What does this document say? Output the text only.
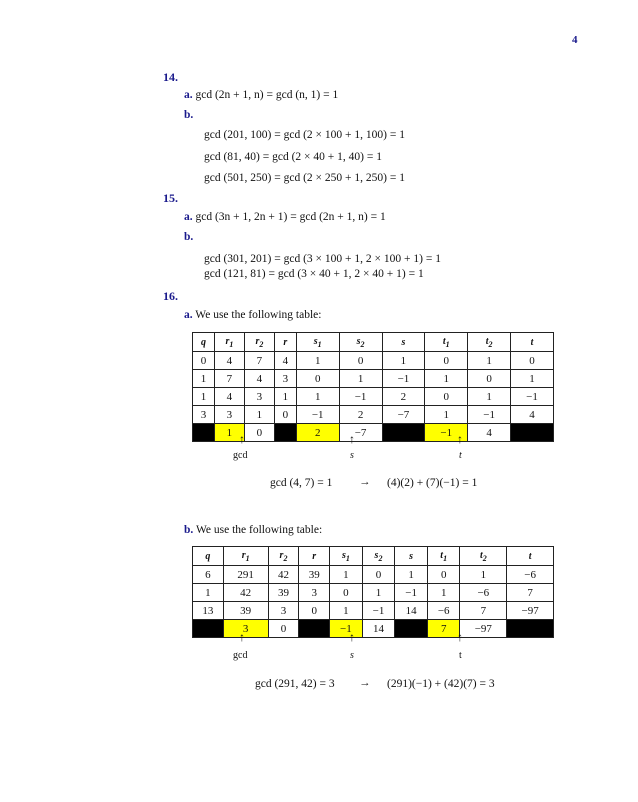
4
14.
a. gcd (2n + 1, n) = gcd (n, 1) = 1
b.
gcd (201, 100) = gcd (2 × 100 + 1, 100) = 1
gcd (81, 40) = gcd (2 × 40 + 1, 40) = 1
gcd (501, 250) = gcd (2 × 250 + 1, 250) = 1
15.
a. gcd (3n + 1, 2n + 1) = gcd (2n + 1, n) = 1
b.
gcd (301, 201) = gcd (3 × 100 + 1, 2 × 100 + 1) = 1
gcd (121, 81) = gcd (3 × 40 + 1, 2 × 40 + 1) = 1
16.
a. We use the following table:
q	$r_1$	$r_2$	r	$s_1$	$s_2$	s	$t_1$	$t_2$	t
0	4	7	4	1	0	1	0	1	0
1	7	4	3	0	1	−1	1	0	1
1	4	3	1	1	−1	2	0	1	−1
3	3	1	0	−1	2	−7	1	−1	4
	1	0		2	−7		−1	4	
↑	↑	↑
gcd	s	t
gcd (4, 7) = 1 → (4)(2) + (7)(−1) = 1
b. We use the following table:
q	$r_1$	$r_2$	r	$s_1$	$s_2$	s	$t_1$	$t_2$	t
6	291	42	39	1	0	1	0	1	−6
1	42	39	3	0	1	−1	1	−6	7
13	39	3	0	1	−1	14	−6	7	−97
	3	0		−1	14		7	−97	
↑	↑	↑
gcd	s	t
gcd (291, 42) = 3 → (291)(−1) + (42)(7) = 3
